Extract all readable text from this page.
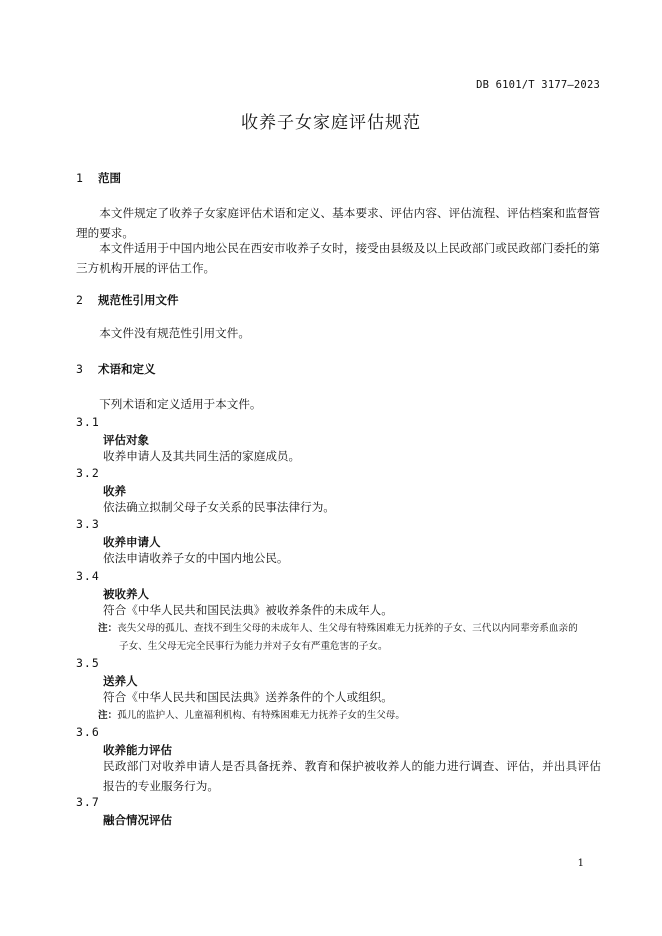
DB 6101/T 3177—2023
收养子女家庭评估规范
1 范围
本文件规定了收养子女家庭评估术语和定义、基本要求、评估内容、评估流程、评估档案和监督管理的要求。
本文件适用于中国内地公民在西安市收养子女时，接受由县级及以上民政部门或民政部门委托的第三方机构开展的评估工作。
2 规范性引用文件
本文件没有规范性引用文件。
3 术语和定义
下列术语和定义适用于本文件。
3.1
评估对象
收养申请人及其共同生活的家庭成员。
3.2
收养
依法确立拟制父母子女关系的民事法律行为。
3.3
收养申请人
依法申请收养子女的中国内地公民。
3.4
被收养人
符合《中华人民共和国民法典》被收养条件的未成年人。
注：丧失父母的孤儿、查找不到生父母的未成年人、生父母有特殊困难无力抚养的子女、三代以内同辈旁系血亲的
子女、生父母无完全民事行为能力并对子女有严重危害的子女。
3.5
送养人
符合《中华人民共和国民法典》送养条件的个人或组织。
注：孤儿的监护人、儿童福利机构、有特殊困难无力抚养子女的生父母。
3.6
收养能力评估
民政部门对收养申请人是否具备抚养、教育和保护被收养人的能力进行调查、评估，并出具评估报告的专业服务行为。
3.7
融合情况评估
1
